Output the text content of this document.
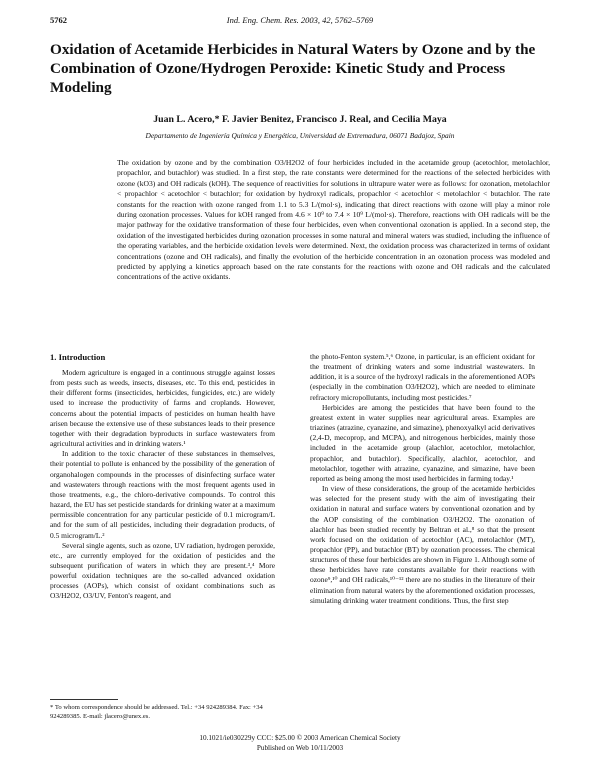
5762	Ind. Eng. Chem. Res. 2003, 42, 5762–5769
Oxidation of Acetamide Herbicides in Natural Waters by Ozone and by the Combination of Ozone/Hydrogen Peroxide: Kinetic Study and Process Modeling
Juan L. Acero,* F. Javier Benitez, Francisco J. Real, and Cecilia Maya
Departamento de Ingeniería Química y Energética, Universidad de Extremadura, 06071 Badajoz, Spain

The oxidation by ozone and by the combination O3/H2O2 of four herbicides included in the acetamide group (acetochlor, metolachlor, propachlor, and butachlor) was studied. In a first step, the rate constants were determined for the reactions of the selected herbicides with ozone (kO3) and OH radicals (kOH). The sequence of reactivities for solutions in ultrapure water were as follows: for ozonation, metolachlor < propachlor < acetochlor < butachlor; for oxidation by hydroxyl radicals, propachlor < acetochlor < metolachlor < butachlor. The rate constants for the reaction with ozone ranged from 1.1 to 5.3 L/(mol·s), indicating that direct reactions with ozone will play a minor role during ozonation processes. Values for kOH ranged from 4.6 × 10⁹ to 7.4 × 10⁹ L/(mol·s). Therefore, reactions with OH radicals will be the major pathway for the oxidative transformation of these four herbicides, even when conventional ozonation is applied. In a second step, the oxidation of the investigated herbicides during ozonation processes in some natural and mineral waters was studied, including the influence of the operating variables, and the herbicide oxidation levels were determined. Next, the oxidation process was characterized in terms of oxidant concentrations (ozone and OH radicals), and finally the evolution of the herbicide concentration in an ozonation process was modeled and predicted by applying a kinetics approach based on the rate constants for the reactions with ozone and OH radicals and the calculated concentrations of the active oxidants.

1. Introduction

Modern agriculture is engaged in a continuous struggle against losses from pests such as weeds, insects, diseases, etc. To this end, pesticides in their different forms (insecticides, herbicides, fungicides, etc.) are widely used to increase the productivity of farms and croplands. However, concerns about the potential impacts of pesticides on human health have arisen because the extensive use of these substances leads to their presence together with their degradation byproducts in surface wastewaters from agricultural activities and in drinking waters.¹

In addition to the toxic character of these substances in themselves, their potential to pollute is enhanced by the possibility of the generation of organohalogen compounds in the processes of disinfecting surface water and wastewaters through reactions with the most frequent agents used in those treatments, e.g., the chloro-derivative compounds. To control this hazard, the EU has set pesticide standards for drinking water at a maximum permissible concentration for any particular pesticide of 0.1 microgram/L and for the sum of all pesticides, including their degradation products, of 0.5 microgram/L.²

Several single agents, such as ozone, UV radiation, hydrogen peroxide, etc., are currently employed for the oxidation of pesticides and the subsequent purification of waters in which they are present.³,⁴ More powerful oxidation techniques are the so-called advanced oxidation processes (AOPs), which consist of oxidant combinations such as O3/H2O2, O3/UV, Fenton's reagent, and

* To whom correspondence should be addressed. Tel.: +34 924289384. Fax: +34 924289385. E-mail: jlacero@unex.es.

the photo-Fenton system.⁵,⁶ Ozone, in particular, is an efficient oxidant for the treatment of drinking waters and some industrial wastewaters. In addition, it is a source of the hydroxyl radicals in the aforementioned AOPs (especially in the combination O3/H2O2), which are needed to eliminate refractory micropollutants, including most pesticides.⁷

Herbicides are among the pesticides that have been found to the greatest extent in water supplies near agricultural areas. Examples are triazines (atrazine, cyanazine, and simazine), phenoxyalkyl acid derivatives (2,4-D, mecoprop, and MCPA), and nitrogenous herbicides, mainly those included in the acetamide group (alachlor, acetochlor, metolachlor, propachlor, and butachlor). Specifically, alachlor, acetochlor, and metolachlor, together with atrazine, cyanazine, and simazine, have been reported as being among the most used herbicides in farming today.¹

In view of these considerations, the group of the acetamide herbicides was selected for the present study with the aim of investigating their oxidation in natural and surface waters by conventional ozonation and by the AOP consisting of the combination O3/H2O2. The ozonation of alachlor has been studied recently by Beltran et al.,⁸ so that the present work focused on the oxidation of acetochlor (AC), metolachlor (MT), propachlor (PP), and butachlor (BT) by ozonation processes. The chemical structures of these four herbicides are shown in Figure 1. Although some of these herbicides have rate constants available for their reactions with ozone⁹,¹⁰ and OH radicals,¹⁰⁻¹² there are no studies in the literature of their elimination from natural waters by the aforementioned oxidation processes, simulating drinking water treatment conditions. Thus, the first step

10.1021/ie030229y CCC: $25.00 © 2003 American Chemical Society
Published on Web 10/11/2003
